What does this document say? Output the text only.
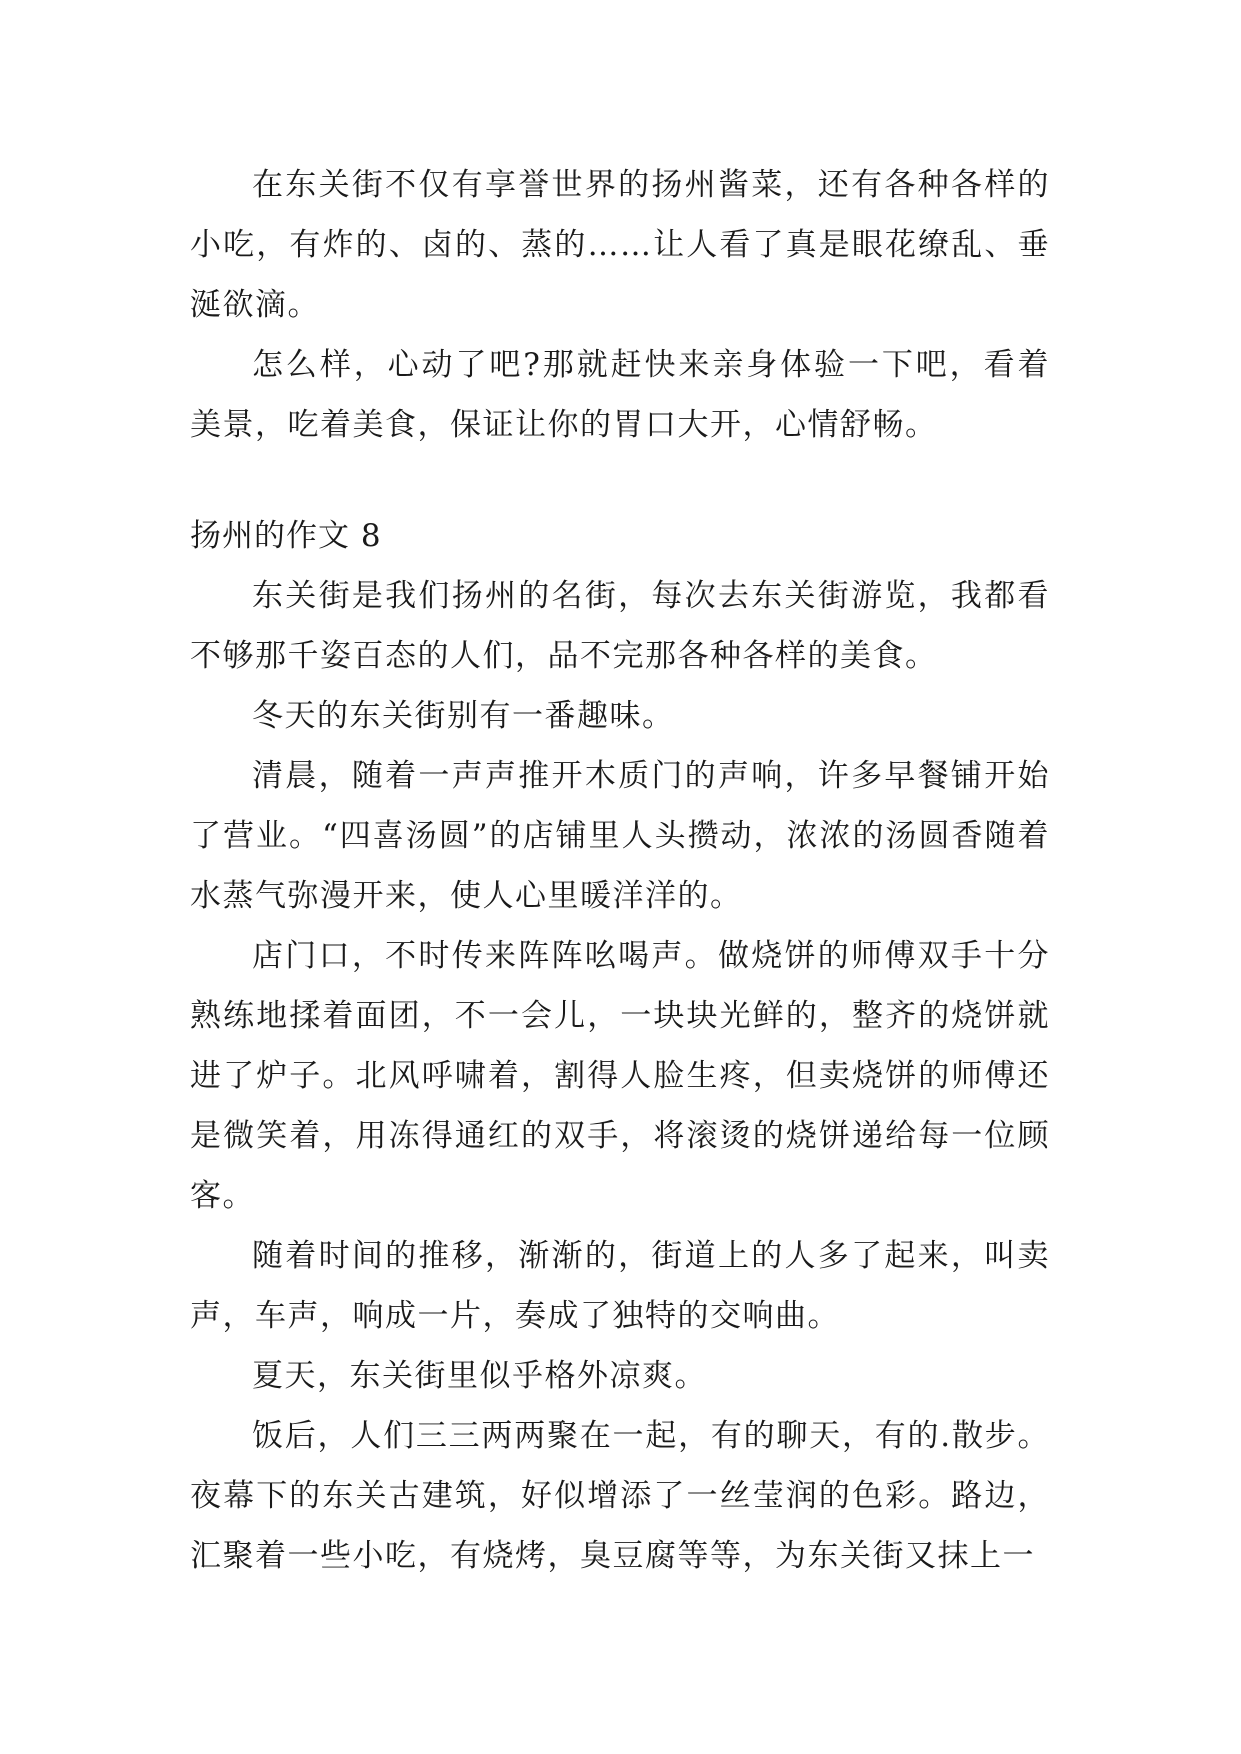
在东关街不仅有享誉世界的扬州酱菜，还有各种各样的小吃，有炸的、卤的、蒸的……让人看了真是眼花缭乱、垂涎欲滴。

怎么样，心动了吧?那就赶快来亲身体验一下吧，看着美景，吃着美食，保证让你的胃口大开，心情舒畅。

扬州的作文 8

东关街是我们扬州的名街，每次去东关街游览，我都看不够那千姿百态的人们，品不完那各种各样的美食。

冬天的东关街别有一番趣味。

清晨，随着一声声推开木质门的声响，许多早餐铺开始了营业。“四喜汤圆”的店铺里人头攒动，浓浓的汤圆香随着水蒸气弥漫开来，使人心里暖洋洋的。

店门口，不时传来阵阵吆喝声。做烧饼的师傅双手十分熟练地揉着面团，不一会儿，一块块光鲜的，整齐的烧饼就进了炉子。北风呼啸着，割得人脸生疼，但卖烧饼的师傅还是微笑着，用冻得通红的双手，将滚烫的烧饼递给每一位顾客。

随着时间的推移，渐渐的，街道上的人多了起来，叫卖声，车声，响成一片，奏成了独特的交响曲。

夏天，东关街里似乎格外凉爽。

饭后，人们三三两两聚在一起，有的聊天，有的.散步。夜幕下的东关古建筑，好似增添了一丝莹润的色彩。路边，汇聚着一些小吃，有烧烤，臭豆腐等等，为东关街又抹上一
